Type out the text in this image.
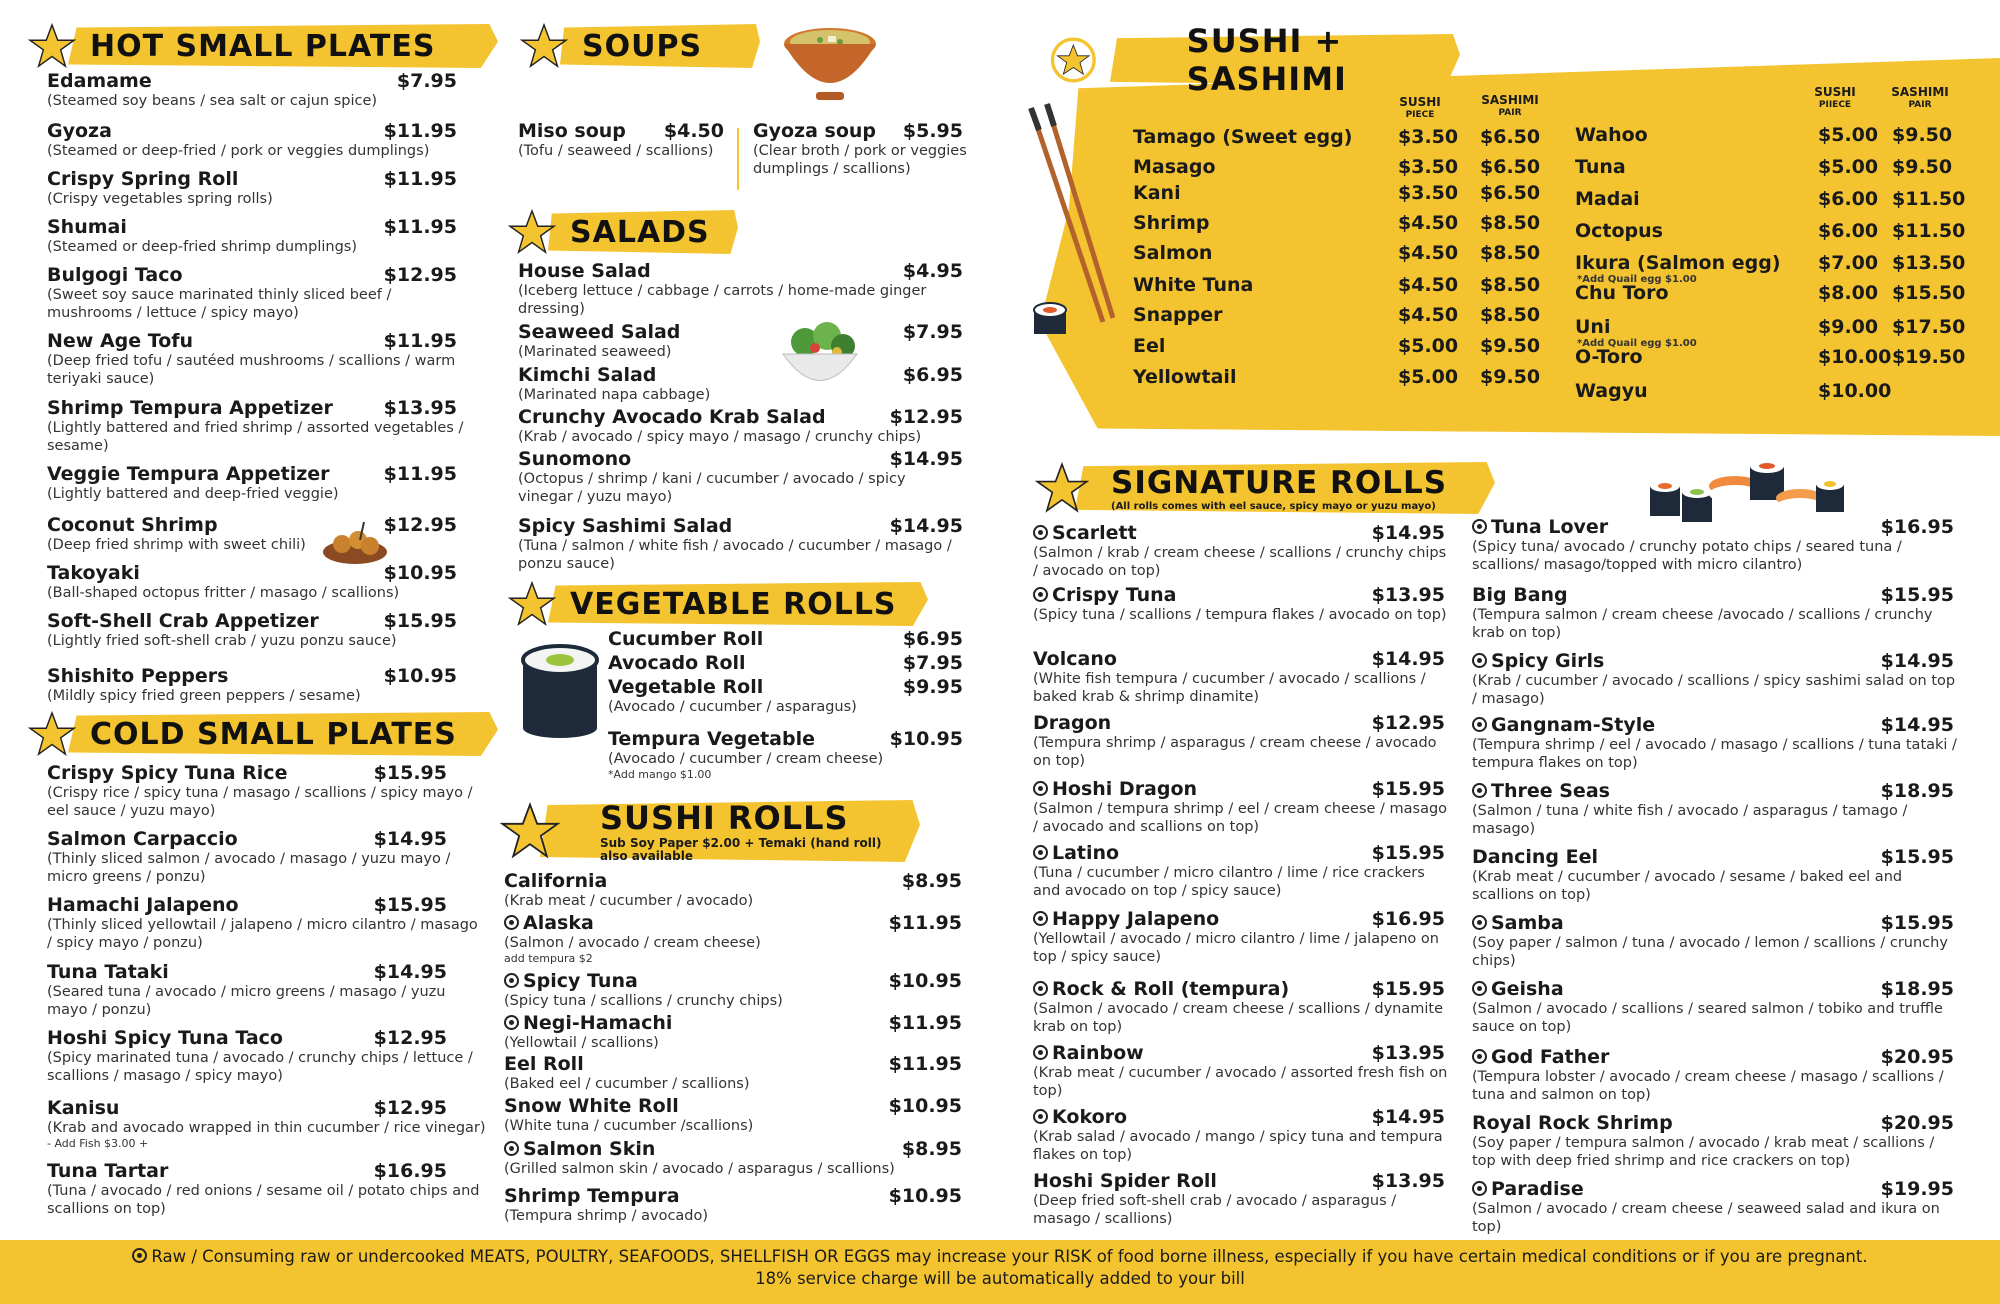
HOT SMALL PLATES
COLD SMALL PLATES
SOUPS
SALADS
VEGETABLE ROLLS
SUSHI ROLLS
Sub Soy Paper $2.00 + Temaki (hand roll) also available
SUSHI + SASHIMI
SIGNATURE ROLLS
(All rolls comes with eel sauce, spicy mayo or yuzu mayo)
Edamame	$7.95
(Steamed soy beans / sea salt or cajun spice)
Gyoza	$11.95
(Steamed or deep-fried / pork or veggies dumplings)
Crispy Spring Roll	$11.95
(Crispy vegetables spring rolls)
Shumai	$11.95
(Steamed or deep-fried shrimp dumplings)
Bulgogi Taco	$12.95
(Sweet soy sauce marinated thinly sliced beef / mushrooms / lettuce / spicy mayo)
New Age Tofu	$11.95
(Deep fried tofu / sautéed mushrooms / scallions / warm teriyaki sauce)
Shrimp Tempura Appetizer	$13.95
(Lightly battered and fried shrimp / assorted vegetables / sesame)
Veggie Tempura Appetizer	$11.95
(Lightly battered and deep-fried veggie)
Coconut Shrimp	$12.95
(Deep fried shrimp with sweet chili)
Takoyaki	$10.95
(Ball-shaped octopus fritter / masago / scallions)
Soft-Shell Crab Appetizer	$15.95
(Lightly fried soft-shell crab / yuzu ponzu sauce)
Shishito Peppers	$10.95
(Mildly spicy fried green peppers / sesame)
Crispy Spicy Tuna Rice	$15.95
(Crispy rice / spicy tuna / masago / scallions / spicy mayo / eel sauce / yuzu mayo)
Salmon Carpaccio	$14.95
(Thinly sliced salmon / avocado / masago / yuzu mayo / micro greens / ponzu)
Hamachi Jalapeno	$15.95
(Thinly sliced yellowtail / jalapeno / micro cilantro / masago / spicy mayo / ponzu)
Tuna Tataki	$14.95
(Seared tuna / avocado / micro greens / masago / yuzu mayo / ponzu)
Hoshi Spicy Tuna Taco	$12.95
(Spicy marinated tuna / avocado / crunchy chips / lettuce / scallions / masago / spicy mayo)
Kanisu	$12.95
(Krab and avocado wrapped in thin cucumber / rice vinegar)
- Add Fish $3.00 +
Tuna Tartar	$16.95
(Tuna / avocado / red onions / sesame oil / potato chips and scallions on top)
Miso soup	$4.50
(Tofu / seaweed / scallions)
Gyoza soup	$5.95
(Clear broth / pork or veggies dumplings / scallions)
House Salad	$4.95
(Iceberg lettuce / cabbage / carrots / home-made ginger dressing)
Seaweed Salad	$7.95
(Marinated seaweed)
Kimchi Salad	$6.95
(Marinated napa cabbage)
Crunchy Avocado Krab Salad	$12.95
(Krab / avocado / spicy mayo / masago / crunchy chips)
Sunomono	$14.95
(Octopus / shrimp / kani / cucumber / avocado / spicy vinegar / yuzu mayo)
Spicy Sashimi Salad	$14.95
(Tuna / salmon / white fish / avocado / cucumber / masago / ponzu sauce)
Cucumber Roll	$6.95
Avocado Roll	$7.95
Vegetable Roll	$9.95
(Avocado / cucumber / asparagus)
Tempura Vegetable	$10.95
(Avocado / cucumber / cream cheese)
*Add mango $1.00
California	$8.95
(Krab meat / cucumber / avocado)
Alaska	$11.95
(Salmon / avocado / cream cheese)
add tempura $2
Spicy Tuna	$10.95
(Spicy tuna / scallions / crunchy chips)
Negi-Hamachi	$11.95
(Yellowtail / scallions)
Eel Roll	$11.95
(Baked eel / cucumber / scallions)
Snow White Roll	$10.95
(White tuna / cucumber /scallions)
Salmon Skin	$8.95
(Grilled salmon skin / avocado / asparagus / scallions)
Shrimp Tempura	$10.95
(Tempura shrimp / avocado)
SUSHI
PIECE
SASHIMI
PAIR
SUSHI
PIIECE
SASHIMI
PAIR
Tamago (Sweet egg) $3.50 $6.50
Masago	$3.50 $6.50
Kani	$3.50 $6.50
Shrimp	$4.50 $8.50
Salmon	$4.50 $8.50
White Tuna	$4.50 $8.50
Snapper	$4.50 $8.50
Eel	$5.00 $9.50
Yellowtail	$5.00 $9.50
Wahoo	$5.00 $9.50
Tuna	$5.00 $9.50
Madai	$6.00 $11.50
Octopus	$6.00 $11.50
Ikura (Salmon egg) $7.00 $13.50
*Add Quail egg $1.00
Chu Toro	$8.00 $15.50
Uni	$9.00 $17.50
*Add Quail egg $1.00
O-Toro	$10.00 $19.50
Wagyu	$10.00
Scarlett	$14.95
(Salmon / krab / cream cheese / scallions / crunchy chips / avocado on top)
Crispy Tuna	$13.95
(Spicy tuna / scallions / tempura flakes / avocado on top)
Volcano	$14.95
(White fish tempura / cucumber / avocado / scallions / baked krab & shrimp dinamite)
Dragon	$12.95
(Tempura shrimp / asparagus / cream cheese / avocado on top)
Hoshi Dragon	$15.95
(Salmon / tempura shrimp / eel / cream cheese / masago / avocado and scallions on top)
Latino	$15.95
(Tuna / cucumber / micro cilantro / lime / rice crackers and avocado on top / spicy sauce)
Happy Jalapeno	$16.95
(Yellowtail / avocado / micro cilantro / lime / jalapeno on top / spicy sauce)
Rock & Roll (tempura)	$15.95
(Salmon / avocado / cream cheese / scallions / dynamite krab on top)
Rainbow	$13.95
(Krab meat / cucumber / avocado / assorted fresh fish on top)
Kokoro	$14.95
(Krab salad / avocado / mango / spicy tuna and tempura flakes on top)
Hoshi Spider Roll	$13.95
(Deep fried soft-shell crab / avocado / asparagus / masago / scallions)
Tuna Lover	$16.95
(Spicy tuna/ avocado / crunchy potato chips / seared tuna / scallions/ masago/topped with micro cilantro)
Big Bang	$15.95
(Tempura salmon / cream cheese /avocado / scallions / crunchy krab on top)
Spicy Girls	$14.95
(Krab / cucumber / avocado / scallions / spicy sashimi salad on top / masago)
Gangnam-Style	$14.95
(Tempura shrimp / eel / avocado / masago / scallions / tuna tataki / tempura flakes on top)
Three Seas	$18.95
(Salmon / tuna / white fish / avocado / asparagus / tamago / masago)
Dancing Eel	$15.95
(Krab meat / cucumber / avocado / sesame / baked eel and scallions on top)
Samba	$15.95
(Soy paper / salmon / tuna / avocado / lemon / scallions / crunchy chips)
Geisha	$18.95
(Salmon / avocado / scallions / seared salmon / tobiko and truffle sauce on top)
God Father	$20.95
(Tempura lobster / avocado / cream cheese / masago / scallions / tuna and salmon on top)
Royal Rock Shrimp	$20.95
(Soy paper / tempura salmon / avocado / krab meat / scallions / top with deep fried shrimp and rice crackers on top)
Paradise	$19.95
(Salmon / avocado / cream cheese / seaweed salad and ikura on top)
Raw / Consuming raw or undercooked MEATS, POULTRY, SEAFOODS, SHELLFISH OR EGGS may increase your RISK of food borne illness, especially if you have certain medical conditions or if you are pregnant.
18% service charge will be automatically added to your bill
